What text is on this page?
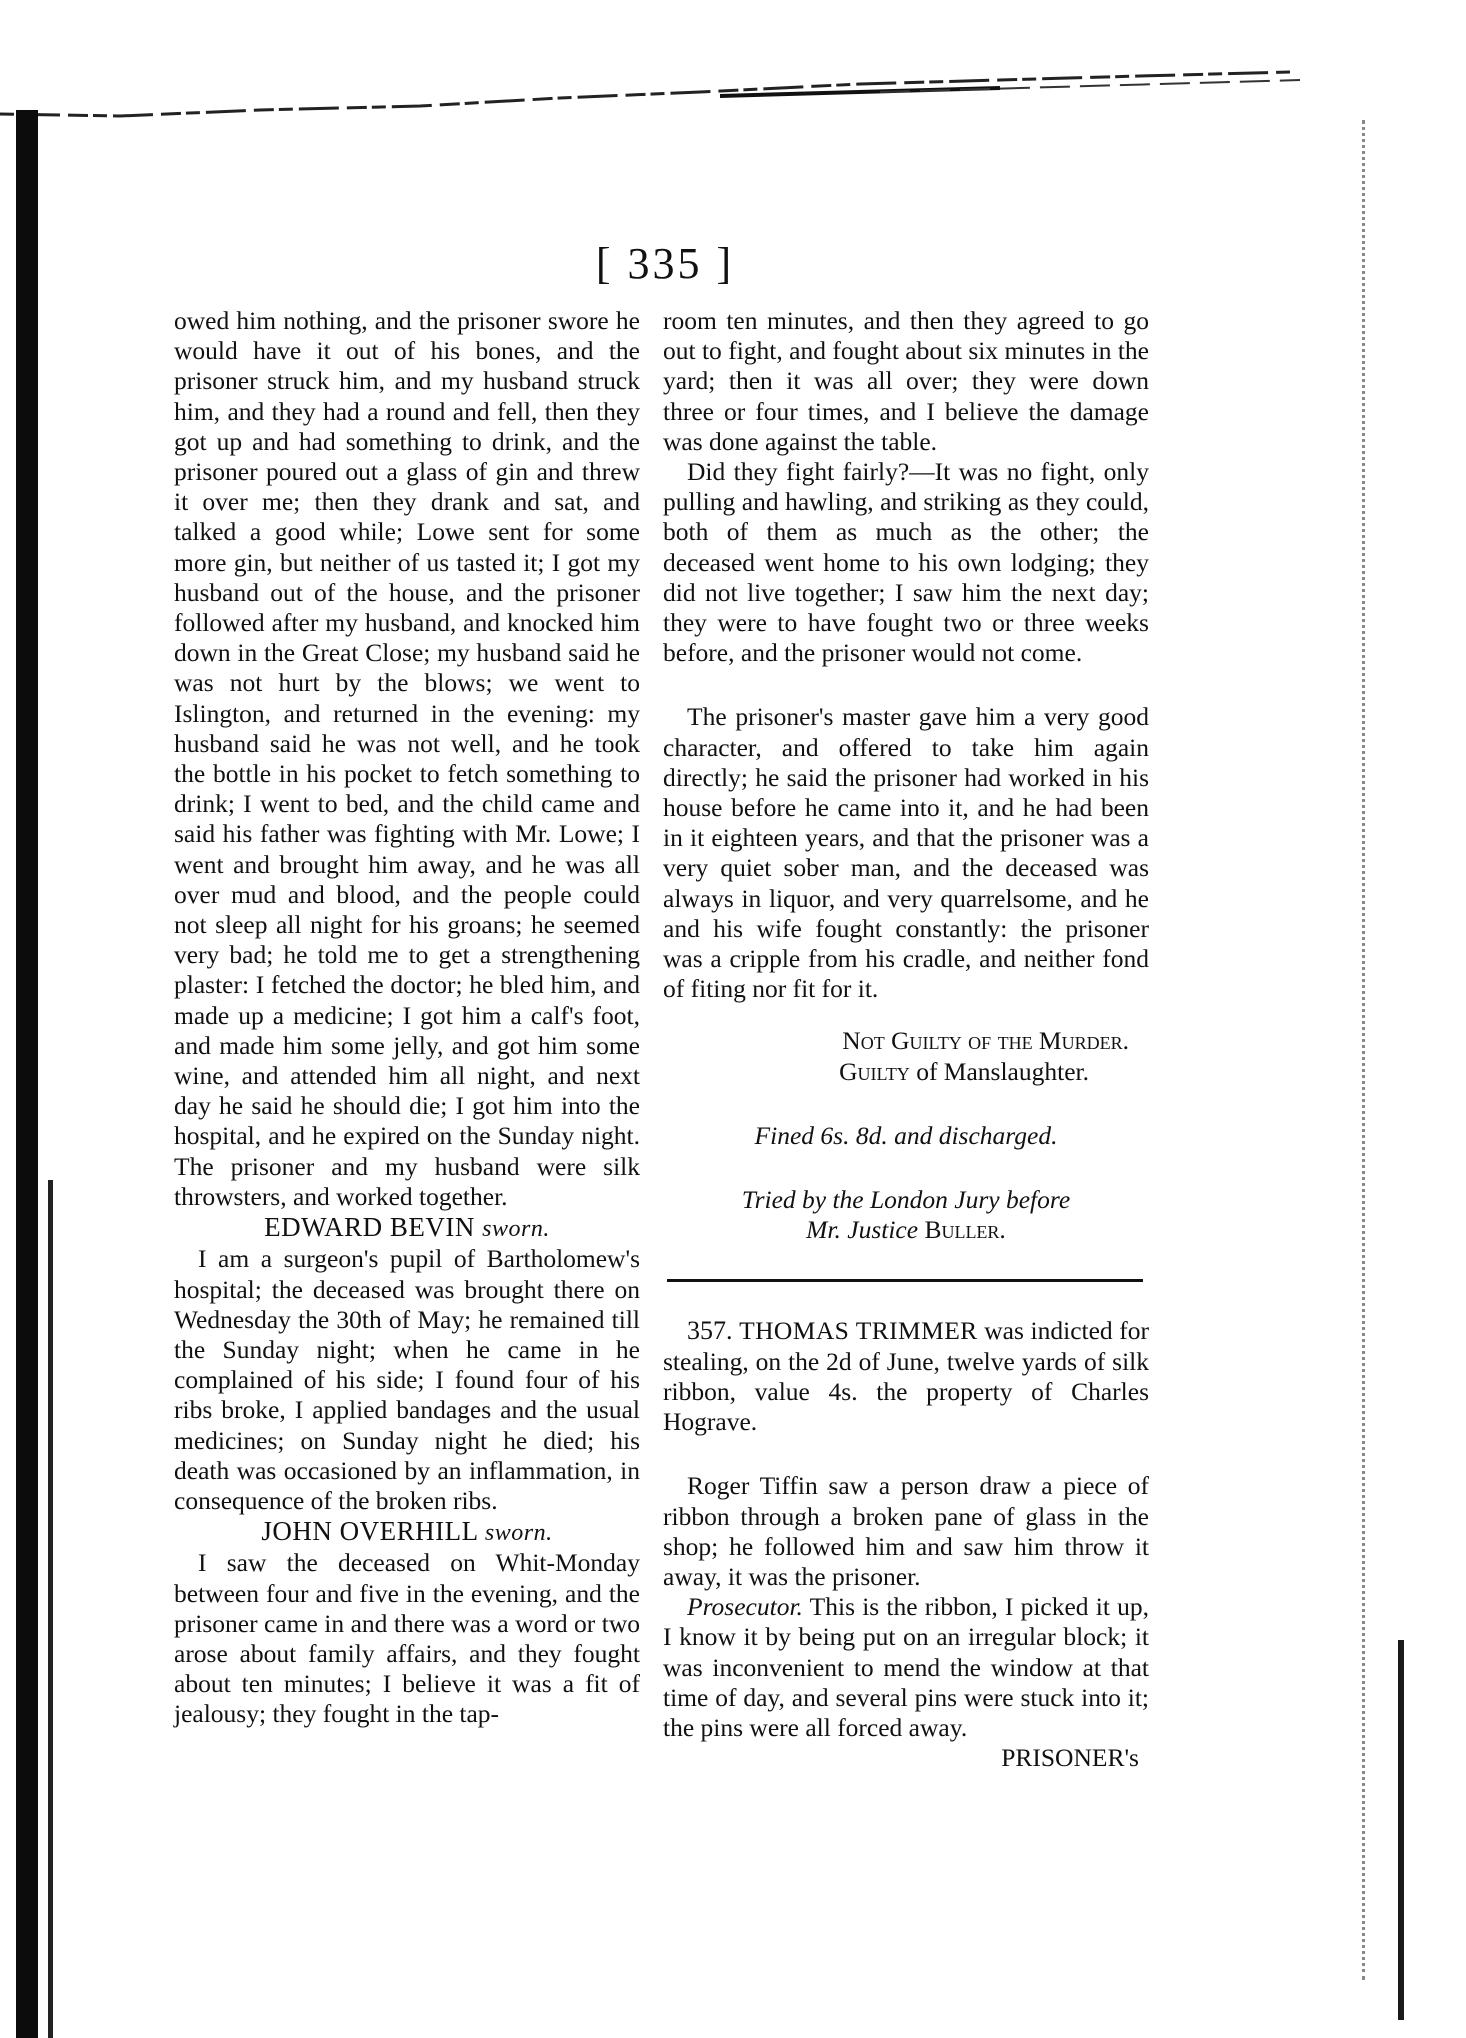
[ 335 ]

owed him nothing, and the prisoner swore he would have it out of his bones, and the prisoner struck him, and my husband struck him, and they had a round and fell, then they got up and had something to drink, and the prisoner poured out a glass of gin and threw it over me; then they drank and sat, and talked a good while; Lowe sent for some more gin, but neither of us tasted it; I got my husband out of the house, and the prisoner followed after my husband, and knocked him down in the Great Close; my husband said he was not hurt by the blows; we went to Islington, and returned in the evening: my husband said he was not well, and he took the bottle in his pocket to fetch something to drink; I went to bed, and the child came and said his father was fighting with Mr. Lowe; I went and brought him away, and he was all over mud and blood, and the people could not sleep all night for his groans; he seemed very bad; he told me to get a strengthening plaster: I fetched the doctor; he bled him, and made up a medicine; I got him a calf's foot, and made him some jelly, and got him some wine, and attended him all night, and next day he said he should die; I got him into the hospital, and he expired on the Sunday night. The prisoner and my husband were silk throwsters, and worked together.

EDWARD BEVIN sworn.

I am a surgeon's pupil of Bartholomew's hospital; the deceased was brought there on Wednesday the 30th of May; he remained till the Sunday night; when he came in he complained of his side; I found four of his ribs broke, I applied bandages and the usual medicines; on Sunday night he died; his death was occasioned by an inflammation, in consequence of the broken ribs.

JOHN OVERHILL sworn.

I saw the deceased on Whit-Monday between four and five in the evening, and the prisoner came in and there was a word or two arose about family affairs, and they fought about ten minutes; I believe it was a fit of jealousy; they fought in the tap-

room ten minutes, and then they agreed to go out to fight, and fought about six minutes in the yard; then it was all over; they were down three or four times, and I believe the damage was done against the table.

Did they fight fairly?—It was no fight, only pulling and hawling, and striking as they could, both of them as much as the other; the deceased went home to his own lodging; they did not live together; I saw him the next day; they were to have fought two or three weeks before, and the prisoner would not come.

The prisoner's master gave him a very good character, and offered to take him again directly; he said the prisoner had worked in his house before he came into it, and he had been in it eighteen years, and that the prisoner was a very quiet sober man, and the deceased was always in liquor, and very quarrelsome, and he and his wife fought constantly: the prisoner was a cripple from his cradle, and neither fond of fiting nor fit for it.

Not Guilty of the Murder.

Guilty of Manslaughter.

Fined 6s. 8d. and discharged.

Tried by the London Jury before

Mr. Justice Buller.

357. THOMAS TRIMMER was indicted for stealing, on the 2d of June, twelve yards of silk ribbon, value 4s. the property of Charles Hograve.

Roger Tiffin saw a person draw a piece of ribbon through a broken pane of glass in the shop; he followed him and saw him throw it away, it was the prisoner.

Prosecutor. This is the ribbon, I picked it up, I know it by being put on an irregular block; it was inconvenient to mend the window at that time of day, and several pins were stuck into it; the pins were all forced away.

PRISONER's
